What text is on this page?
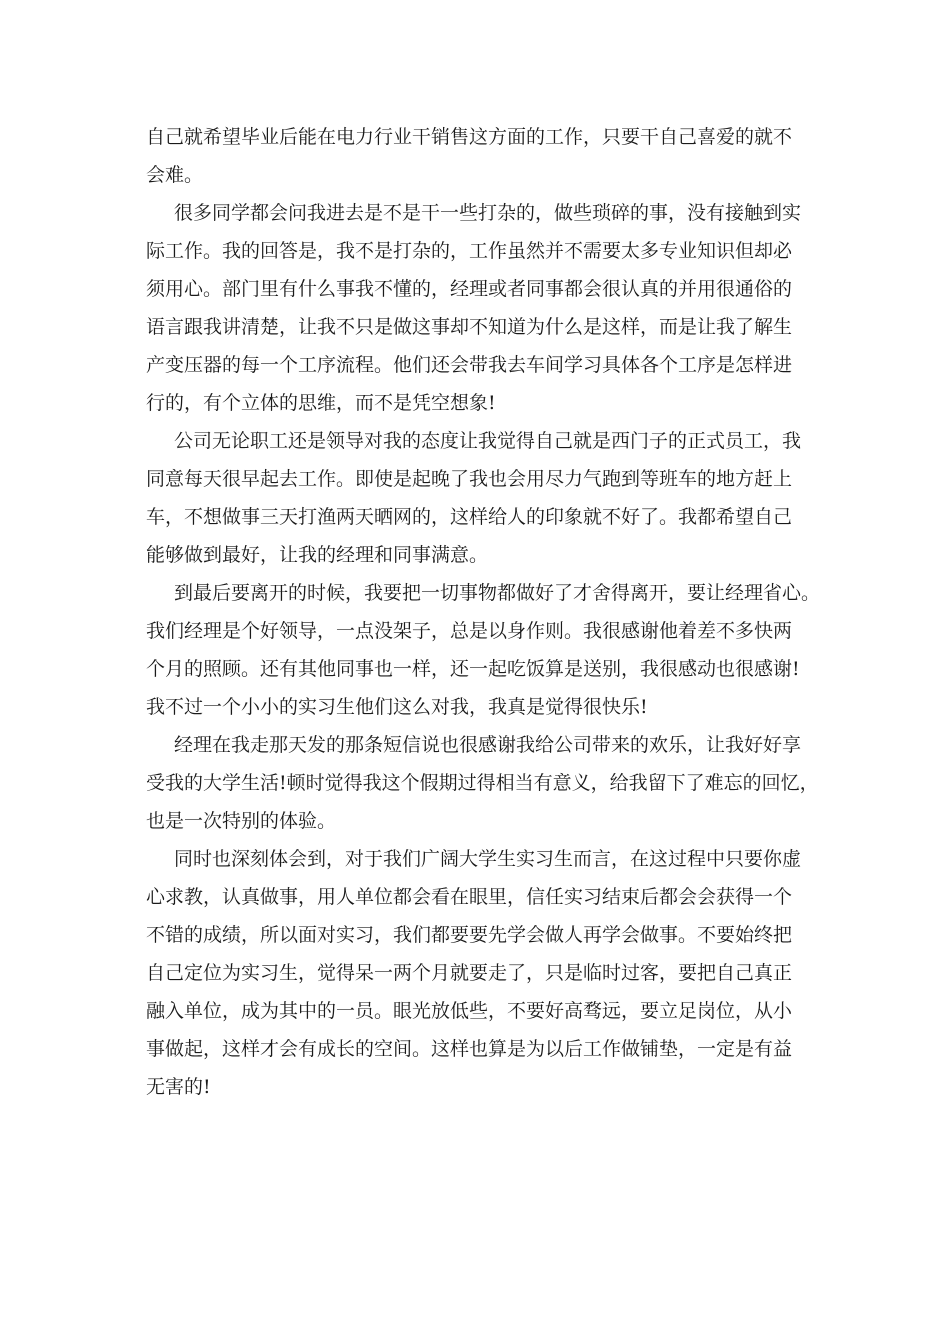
自己就希望毕业后能在电力行业干销售这方面的工作，只要干自己喜爱的就不
会难。
很多同学都会问我进去是不是干一些打杂的，做些琐碎的事，没有接触到实
际工作。我的回答是，我不是打杂的，工作虽然并不需要太多专业知识但却必
须用心。部门里有什么事我不懂的，经理或者同事都会很认真的并用很通俗的
语言跟我讲清楚，让我不只是做这事却不知道为什么是这样，而是让我了解生
产变压器的每一个工序流程。他们还会带我去车间学习具体各个工序是怎样进
行的，有个立体的思维，而不是凭空想象!
公司无论职工还是领导对我的态度让我觉得自己就是西门子的正式员工，我
同意每天很早起去工作。即使是起晚了我也会用尽力气跑到等班车的地方赶上
车，不想做事三天打渔两天晒网的，这样给人的印象就不好了。我都希望自己
能够做到最好，让我的经理和同事满意。
到最后要离开的时候，我要把一切事物都做好了才舍得离开，要让经理省心。
我们经理是个好领导，一点没架子，总是以身作则。我很感谢他着差不多快两
个月的照顾。还有其他同事也一样，还一起吃饭算是送别，我很感动也很感谢!
我不过一个小小的实习生他们这么对我，我真是觉得很快乐!
经理在我走那天发的那条短信说也很感谢我给公司带来的欢乐，让我好好享
受我的大学生活!顿时觉得我这个假期过得相当有意义，给我留下了难忘的回忆，
也是一次特别的体验。
同时也深刻体会到，对于我们广阔大学生实习生而言，在这过程中只要你虚
心求教，认真做事，用人单位都会看在眼里，信任实习结束后都会会获得一个
不错的成绩，所以面对实习，我们都要要先学会做人再学会做事。不要始终把
自己定位为实习生，觉得呆一两个月就要走了，只是临时过客，要把自己真正
融入单位，成为其中的一员。眼光放低些，不要好高骛远，要立足岗位，从小
事做起，这样才会有成长的空间。这样也算是为以后工作做铺垫，一定是有益
无害的!
